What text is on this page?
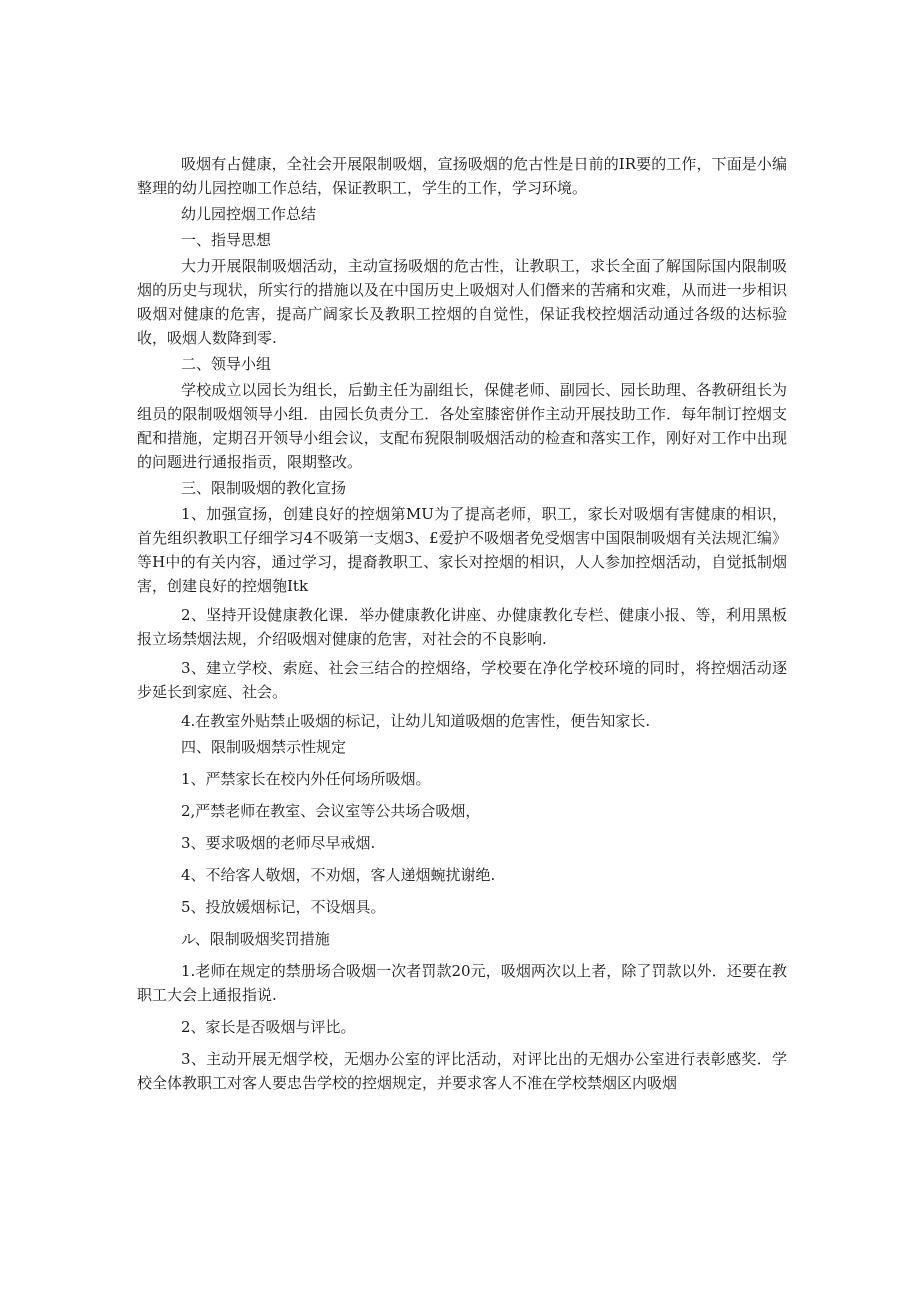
吸烟有占健康，全社会开展限制吸烟，宣扬吸烟的危古性是日前的IR要的工作，下面是小编整理的幼儿园控咖工作总结，保证教职工，学生的工作，学习环境。

幼儿园控烟工作总结

一、指导思想

大力开展限制吸烟活动，主动宣扬吸烟的危古性，让教职工，求长全面了解国际国内限制吸烟的历史与现状，所实行的措施以及在中国历史上吸烟对人们僭来的苦痛和灾难，从而进一步相识吸烟对健康的危害，提高广阔家长及教职工控烟的自觉性，保证我校控烟活动通过各级的达标验收，吸烟人数降到零.

二、领导小组

学校成立以园长为组长，后勤主任为副组长，保健老师、副园长、园长助理、各教研组长为组员的限制吸烟领导小组．由园长负责分工．各处室膝密併作主动开展技助工作．每年制订控烟支配和措施，定期召开领导小组会议，支配布猊限制吸烟活动的检查和落实工作，刚好对工作中出现的问题进行通报指贡，限期整改。

三、限制吸烟的教化宣扬

1、加强宣扬，创建良好的控烟第MU为了提高老师，职工，家长对吸烟有害健康的相识，首先组织教职工仔细学习4不吸第一支烟3、£爱护不吸烟者免受烟害中国限制吸烟有关法规汇编》等H中的有关内容，通过学习，提裔教职工、家长对控烟的相识，人人参加控烟活动，自觉抵制烟害，创建良好的控烟匏Itk

2、坚持开设健康教化课．举办健康教化讲座、办健康教化专栏、健康小报、等，利用黑板报立场禁烟法规，介绍吸烟对健康的危害，对社会的不良影响.

3、建立学校、索庭、社会三结合的控烟络，学校要在净化学校环境的同时，将控烟活动逐步延长到家庭、社会。

4.在教室外贴禁止吸烟的标记，让幼儿知道吸烟的危害性，便告知家长.

四、限制吸烟禁示性规定

1、严禁家长在校内外任何场所吸烟。

2,严禁老师在教室、会议室等公共场合吸烟，

3、要求吸烟的老师尽早戒烟.

4、不给客人敬烟，不劝烟，客人递烟蜿扰谢绝.

5、投放媛烟标记，不设烟具。

ル、限制吸烟奖罚措施

1.老师在规定的禁册场合吸烟一次者罚款20元，吸烟两次以上者，除了罚款以外．还要在教职工大会上通报指说.

2、家长是否吸烟与评比。

3、主动开展无烟学校，无烟办公室的评比活动，对评比出的无烟办公室进行表彰感奖．学校全体教职工对客人要忠告学校的控烟规定，并要求客人不准在学校禁烟区内吸烟
